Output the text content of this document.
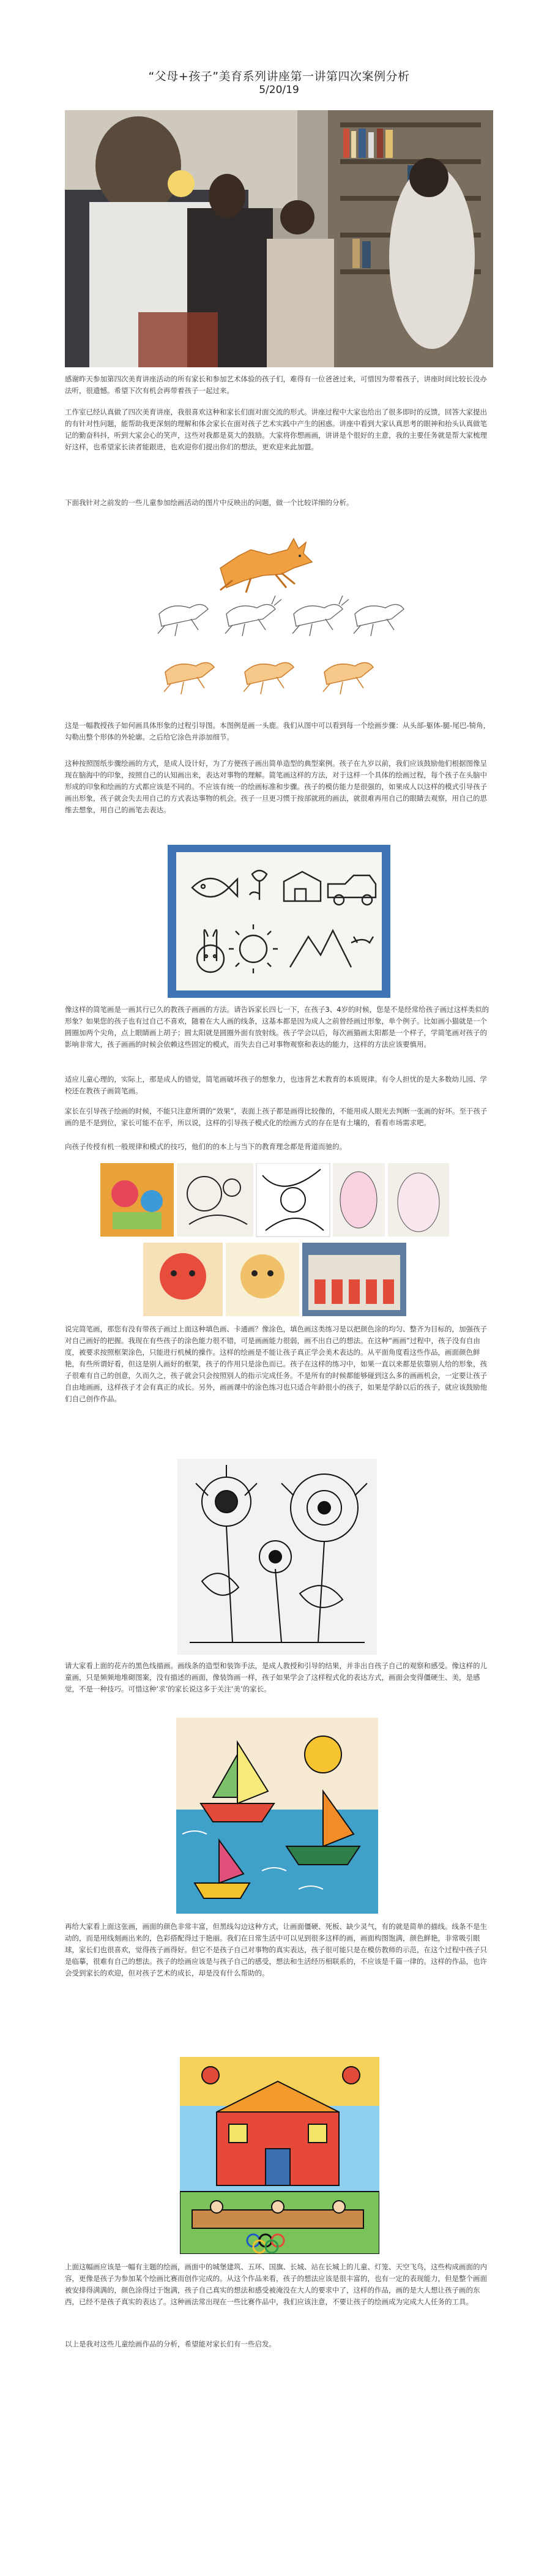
“父母+孩子”美育系列讲座第一讲第四次案例分析
5/20/19

感谢昨天参加第四次美育讲座活动的所有家长和参加艺术体验的孩子们，难得有一位爸爸过来，可惜因为带着孩子，讲座时间比较长没办法听，很遗憾。希望下次有机会再带着孩子一起过来。

工作室已经认真做了四次美育讲座，我很喜欢这种和家长们面对面交流的形式。讲座过程中大家也给出了很多即时的反馈，回答大家提出的有针对性问题，能帮助我更深刻的理解和体会家长在面对孩子艺术实践中产生的困惑。讲座中看到大家认真思考的眼神和抬头认真做笔记的勤奋科抖，听到大家会心的笑声，这些对我都是莫大的鼓励。大家将你想画画，讲讲是个很好的主意，我的主要任务就是帮大家梳理好这样，也希望家长读者能跟进，也欢迎你们提出你们的想法，更欢迎来此加盟。

下面我针对之前发的一些儿童参加绘画活动的图片中反映出的问题，做一个比较详细的分析。

这是一幅教授孩子如何画具体形象的过程引导图。本图例是画一头鹿。我们从图中可以看到每一个绘画步骤：从头部-躯体-腿-尾巴-犄角，勾勒出整个形体的外轮廓。之后给它涂色并添加细节。

这种按照图纸步骤绘画的方式，是成人设计好，为了方便孩子画出简单造型的典型案例。孩子在九岁以前，我们应该鼓励他们根据图像呈现在脑海中的印象，按照自己的认知画出来，表达对事物的理解。简笔画这样的方法，对于这样一个具体的绘画过程，每个孩子在头脑中形成的印象和绘画的方式都应该是不同的。不应该有统一的绘画标准和步骤。孩子的模仿能力是很强的，如果成人以这样的模式引导孩子画出形象，孩子就会失去用自己的方式表达事物的机会。孩子一旦更习惯于按部就班的画法，就很难再用自己的眼睛去观察，用自己的思维去想象，用自己的画笔去表达。

像这样的简笔画是一画其行已久的教孩子画画的方法。请告诉家长四七一下，在孩子3、4岁的时候，您是不是经常给孩子画过这样类似的形象？如果您的孩子也有过自己不喜欢，随着在大人画的线条，这基本都是因为成人之前曾经画过形象，单个例子。比如画小猫就是一个圆圈加两个尖角，点上眼睛画上胡子；圆太阳就是圆圈外面有放射线。孩子学会以后，每次画猫画太阳都是一个样子，学简笔画对孩子的影响非常大，孩子画画的时候会依赖这些固定的模式，而失去自己对事物观察和表达的能力，这样的方法应该要慎用。

适应儿童心理的，实际上，那是成人的错觉，简笔画破坏孩子的想象力，也违背艺术教育的本质规律。有令人担忧的是大多数幼儿园、学校还在教孩子画简笔画。

家长在引导孩子绘画的时候，不能只注意所谓的“效果”，表面上孩子都是画得比较像的，不能用成人眼光去判断一张画的好坏。至于孩子画的是不是到位，家长可能不在乎，所以说，这样的引导孩子模式化的绘画方式的存在是有土壤的，看看市场需求吧。

向孩子传授有机一般规律和模式的技巧，他们的的本上与当下的教育理念都是背道而驰的。

说完简笔画，那您有没有带孩子画过上面这种填色画、卡通画？像涂色，填色画这类练习是以把颜色涂的均匀、整齐为目标的，加强孩子对自己画好的把握。我现在有些孩子的涂色能力很不错，可是画画能力很弱，画不出自己的想法。在这种“画画”过程中，孩子没有自由度，被要求按照框架涂色，只能进行机械的操作。这样的绘画是不能让孩子真正学会美术表达的。从平面角度看这些作品，画面颜色鲜艳，有些所谓好看，但这是别人画好的框架，孩子的作用只是涂色而已。孩子在这样的练习中，如果一直以来都是依靠别人给的形象，孩子很难有自己的创意，久而久之，孩子就会只会按照别人的指示完成任务。不是所有的时候都能够碰到这么多的画画机会，一定要让孩子自由地画画，这样孩子才会有真正的成长。另外，画画课中的涂色练习也只适合年龄很小的孩子，如果是学龄以后的孩子，就应该鼓励他们自己创作作品。

请大家看上面的花卉的黑色线描画。画线条的造型和装饰手法，是成人教授和引导的结果，并非出自孩子自己的观察和感受。像这样的儿童画，只是频频地堆砌图案，没有描述的画面，像装饰画一样，孩子如果学会了这样程式化的表达方式，画面会变得僵硬生、美，是感觉，不是一种技巧。可惜这种‘求’的家长说这多于关注‘美’的家长。

再给大家看上面这张画，画面的颜色非常丰富，但黑线勾边这种方式，让画面僵硬、死板、缺少灵气，有的就是简单的描线。线条不是生动的，而是用线刻画出来的，色彩搭配得过于艳丽。我们在日常生活中可以见到很多这样的画，画面构图饱满，颜色鲜艳，非常吸引眼球，家长们也很喜欢，觉得孩子画得好。但它不是孩子自己对事物的真实表达，孩子很可能只是在模仿教师的示范，在这个过程中孩子只是临摹，很难有自己的想法。孩子的绘画应该是与孩子自己的感受，想法和生活经历相联系的，不应该是千篇一律的。这样的作品，也许会受到家长的欢迎，但对孩子艺术的成长，却是没有什么帮助的。

上面这幅画应该是一幅有主题的绘画，画面中的城堡建筑、五环、国旗、长城、站在长城上的儿童、灯笼、天空飞鸟，这些构成画面的内容，更像是孩子为参加某个绘画比赛而创作完成的。从这个作品来看，孩子的想法应该是很丰富的，也有一定的表现能力，但是整个画面被安排得满满的，颜色涂得过于饱满，孩子自己真实的想法和感受被淹没在大人的要求中了，这样的作品，画的是大人想让孩子画的东西，已经不是孩子真实的表达了。这种画法常出现在一些比赛作品中，我们应该注意，不要让孩子的绘画成为完成大人任务的工具。

以上是我对这些儿童绘画作品的分析，希望能对家长们有一些启发。
